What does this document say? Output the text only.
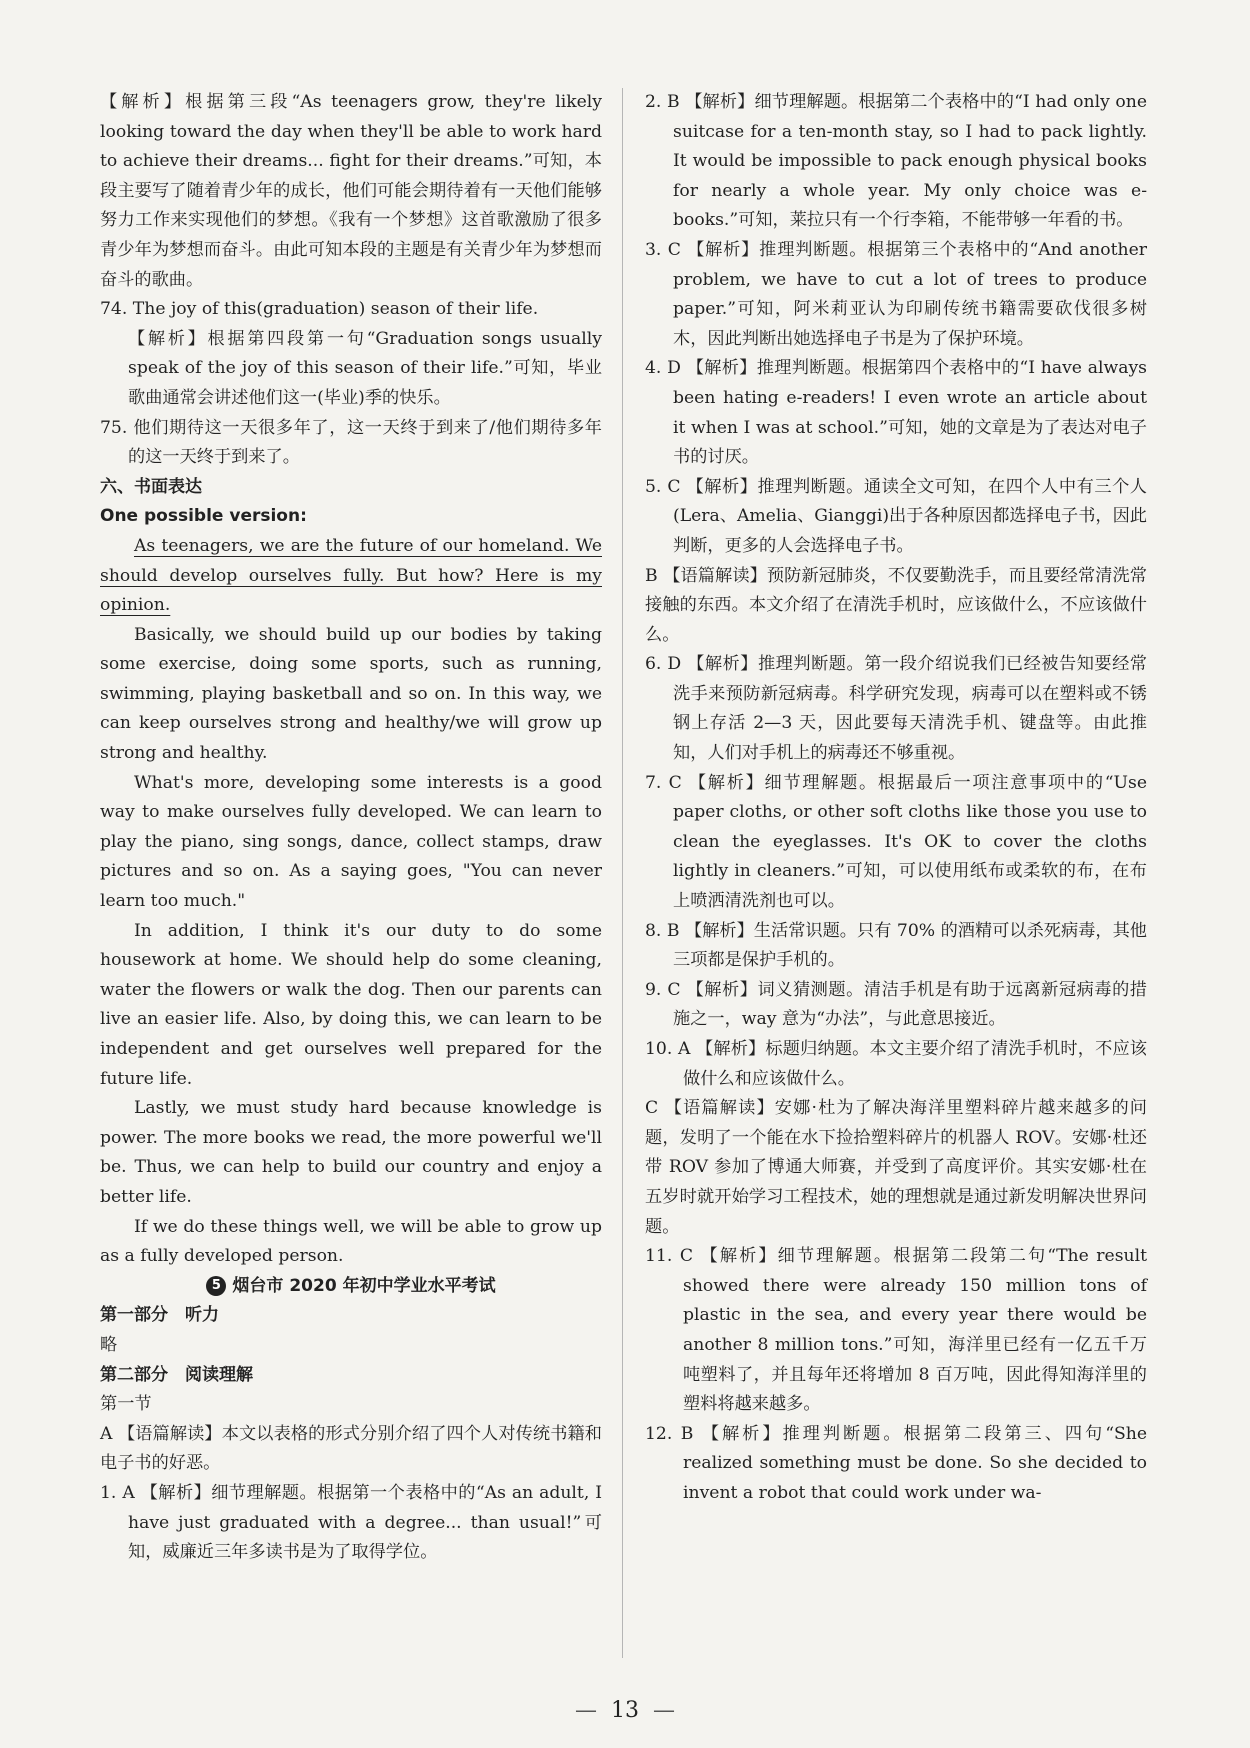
【解析】根据第三段“As teenagers grow, they're likely looking toward the day when they'll be able to work hard to achieve their dreams... fight for their dreams.”可知，本段主要写了随着青少年的成长，他们可能会期待着有一天他们能够努力工作来实现他们的梦想。《我有一个梦想》这首歌激励了很多青少年为梦想而奋斗。由此可知本段的主题是有关青少年为梦想而奋斗的歌曲。

74. The joy of this(graduation) season of their life.

【解析】根据第四段第一句“Graduation songs usually speak of the joy of this season of their life.”可知，毕业歌曲通常会讲述他们这一(毕业)季的快乐。

75. 他们期待这一天很多年了，这一天终于到来了/他们期待多年的这一天终于到来了。

六、书面表达

One possible version:

As teenagers, we are the future of our homeland. We should develop ourselves fully. But how? Here is my opinion.

Basically, we should build up our bodies by taking some exercise, doing some sports, such as running, swimming, playing basketball and so on. In this way, we can keep ourselves strong and healthy/we will grow up strong and healthy.

What's more, developing some interests is a good way to make ourselves fully developed. We can learn to play the piano, sing songs, dance, collect stamps, draw pictures and so on. As a saying goes, "You can never learn too much."

In addition, I think it's our duty to do some housework at home. We should help do some cleaning, water the flowers or walk the dog. Then our parents can live an easier life. Also, by doing this, we can learn to be independent and get ourselves well prepared for the future life.

Lastly, we must study hard because knowledge is power. The more books we read, the more powerful we'll be. Thus, we can help to build our country and enjoy a better life.

If we do these things well, we will be able to grow up as a fully developed person.

5 烟台市 2020 年初中学业水平考试

第一部分　听力

略

第二部分　阅读理解

第一节

A 【语篇解读】本文以表格的形式分别介绍了四个人对传统书籍和电子书的好恶。

1. A 【解析】细节理解题。根据第一个表格中的“As an adult, I have just graduated with a degree... than usual!”可知，威廉近三年多读书是为了取得学位。

2. B 【解析】细节理解题。根据第二个表格中的“I had only one suitcase for a ten-month stay, so I had to pack lightly. It would be impossible to pack enough physical books for nearly a whole year. My only choice was e-books.”可知，莱拉只有一个行李箱，不能带够一年看的书。

3. C 【解析】推理判断题。根据第三个表格中的“And another problem, we have to cut a lot of trees to produce paper.”可知，阿米莉亚认为印刷传统书籍需要砍伐很多树木，因此判断出她选择电子书是为了保护环境。

4. D 【解析】推理判断题。根据第四个表格中的“I have always been hating e-readers! I even wrote an article about it when I was at school.”可知，她的文章是为了表达对电子书的讨厌。

5. C 【解析】推理判断题。通读全文可知，在四个人中有三个人(Lera、Amelia、Gianggi)出于各种原因都选择电子书，因此判断，更多的人会选择电子书。

B 【语篇解读】预防新冠肺炎，不仅要勤洗手，而且要经常清洗常接触的东西。本文介绍了在清洗手机时，应该做什么，不应该做什么。

6. D 【解析】推理判断题。第一段介绍说我们已经被告知要经常洗手来预防新冠病毒。科学研究发现，病毒可以在塑料或不锈钢上存活 2—3 天，因此要每天清洗手机、键盘等。由此推知，人们对手机上的病毒还不够重视。

7. C 【解析】细节理解题。根据最后一项注意事项中的“Use paper cloths, or other soft cloths like those you use to clean the eyeglasses. It's OK to cover the cloths lightly in cleaners.”可知，可以使用纸布或柔软的布，在布上喷洒清洗剂也可以。

8. B 【解析】生活常识题。只有 70% 的酒精可以杀死病毒，其他三项都是保护手机的。

9. C 【解析】词义猜测题。清洁手机是有助于远离新冠病毒的措施之一，way 意为“办法”，与此意思接近。

10. A 【解析】标题归纳题。本文主要介绍了清洗手机时，不应该做什么和应该做什么。

C 【语篇解读】安娜·杜为了解决海洋里塑料碎片越来越多的问题，发明了一个能在水下捡拾塑料碎片的机器人 ROV。安娜·杜还带 ROV 参加了博通大师赛，并受到了高度评价。其实安娜·杜在五岁时就开始学习工程技术，她的理想就是通过新发明解决世界问题。

11. C 【解析】细节理解题。根据第二段第二句“The result showed there were already 150 million tons of plastic in the sea, and every year there would be another 8 million tons.”可知，海洋里已经有一亿五千万吨塑料了，并且每年还将增加 8 百万吨，因此得知海洋里的塑料将越来越多。

12. B 【解析】推理判断题。根据第二段第三、四句“She realized something must be done. So she decided to invent a robot that could work under wa-

— 13 —
